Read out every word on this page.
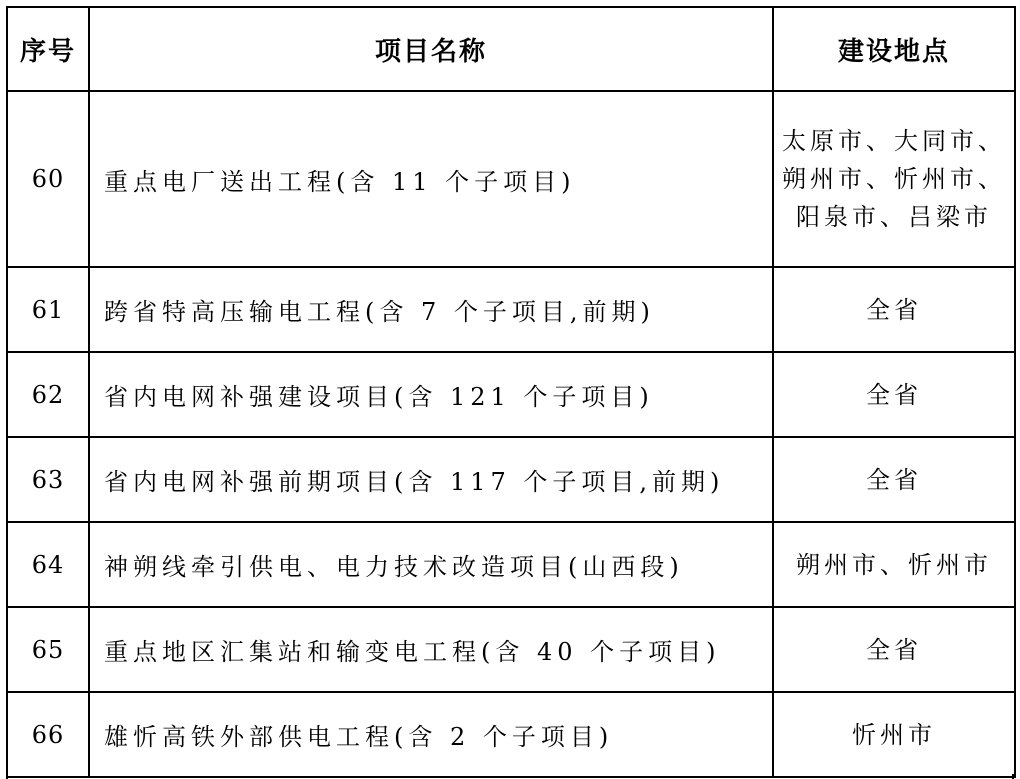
序号	项目名称	建设地点
60	重点电厂送出工程(含 11 个子项目)	太原市、大同市、
朔州市、忻州市、
阳泉市、吕梁市

61	跨省特高压输电工程(含 7 个子项目,前期)	全省
62	省内电网补强建设项目(含 121 个子项目)	全省
63	省内电网补强前期项目(含 117 个子项目,前期)	全省
64	神朔线牵引供电、电力技术改造项目(山西段)	朔州市、忻州市
65	重点地区汇集站和输变电工程(含 40 个子项目)	全省
66	雄忻高铁外部供电工程(含 2 个子项目)	忻州市
